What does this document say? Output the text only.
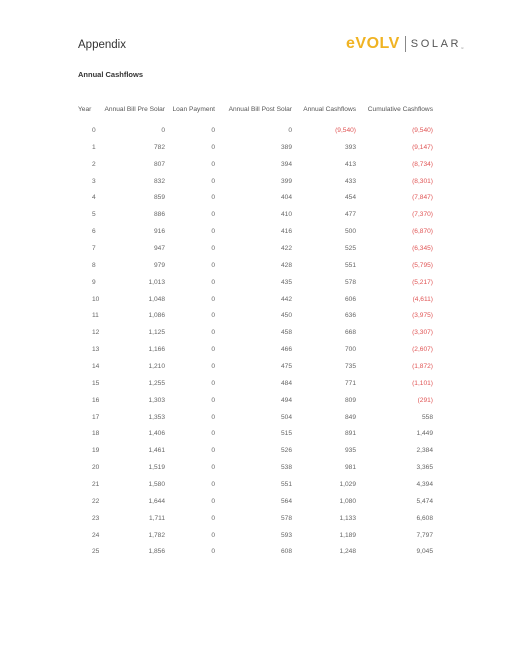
Appendix	eVOLV SOLAR llc
Annual Cashflows
Year	Annual Bill Pre Solar	Loan Payment	Annual Bill Post Solar	Annual Cashflows	Cumulative Cashflows
0	0	0	0	(9,540)	(9,540)
1	782	0	389	393	(9,147)
2	807	0	394	413	(8,734)
3	832	0	399	433	(8,301)
4	859	0	404	454	(7,847)
5	886	0	410	477	(7,370)
6	916	0	416	500	(6,870)
7	947	0	422	525	(6,345)
8	979	0	428	551	(5,795)
9	1,013	0	435	578	(5,217)
10	1,048	0	442	606	(4,611)
11	1,086	0	450	636	(3,975)
12	1,125	0	458	668	(3,307)
13	1,166	0	466	700	(2,607)
14	1,210	0	475	735	(1,872)
15	1,255	0	484	771	(1,101)
16	1,303	0	494	809	(291)
17	1,353	0	504	849	558
18	1,406	0	515	891	1,449
19	1,461	0	526	935	2,384
20	1,519	0	538	981	3,365
21	1,580	0	551	1,029	4,394
22	1,644	0	564	1,080	5,474
23	1,711	0	578	1,133	6,608
24	1,782	0	593	1,189	7,797
25	1,856	0	608	1,248	9,045
